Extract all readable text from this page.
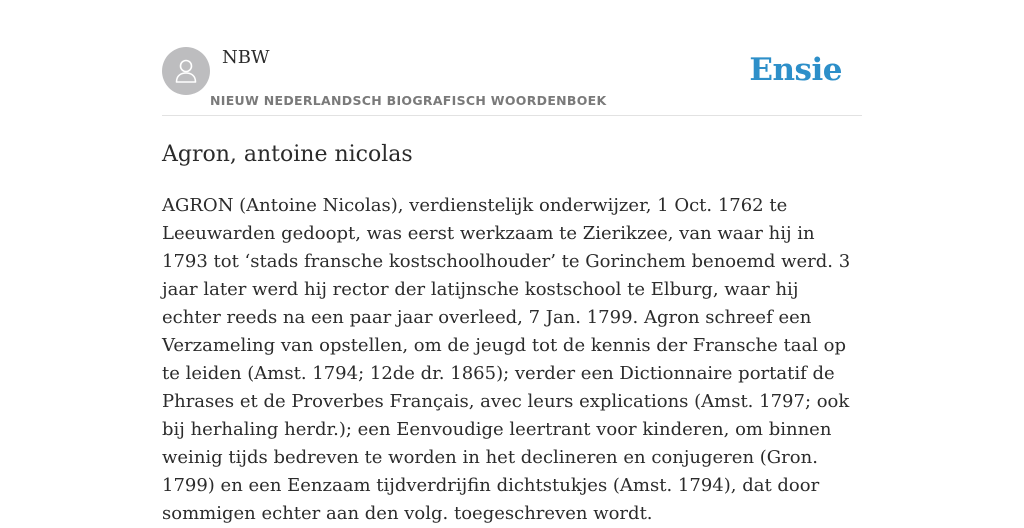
NBW
NIEUW NEDERLANDSCH BIOGRAFISCH WOORDENBOEK
Ensie
Agron, antoine nicolas

AGRON (Antoine Nicolas), verdienstelijk onderwijzer, 1 Oct. 1762 te Leeuwarden gedoopt, was eerst werkzaam te Zierikzee, van waar hij in 1793 tot ‘stads fransche kostschoolhouder’ te Gorinchem benoemd werd. 3 jaar later werd hij rector der latijnsche kostschool te Elburg, waar hij echter reeds na een paar jaar overleed, 7 Jan. 1799. Agron schreef een Verzameling van opstellen, om de jeugd tot de kennis der Fransche taal op te leiden (Amst. 1794; 12de dr. 1865); verder een Dictionnaire portatif de Phrases et de Proverbes Français, avec leurs explications (Amst. 1797; ook bij herhaling herdr.); een Eenvoudige leertrant voor kinderen, om binnen weinig tijds bedreven te worden in het declineren en conjugeren (Gron. 1799) en een Eenzaam tijdverdrijfin dichtstukjes (Amst. 1794), dat door sommigen echter aan den volg. toegeschreven wordt.
